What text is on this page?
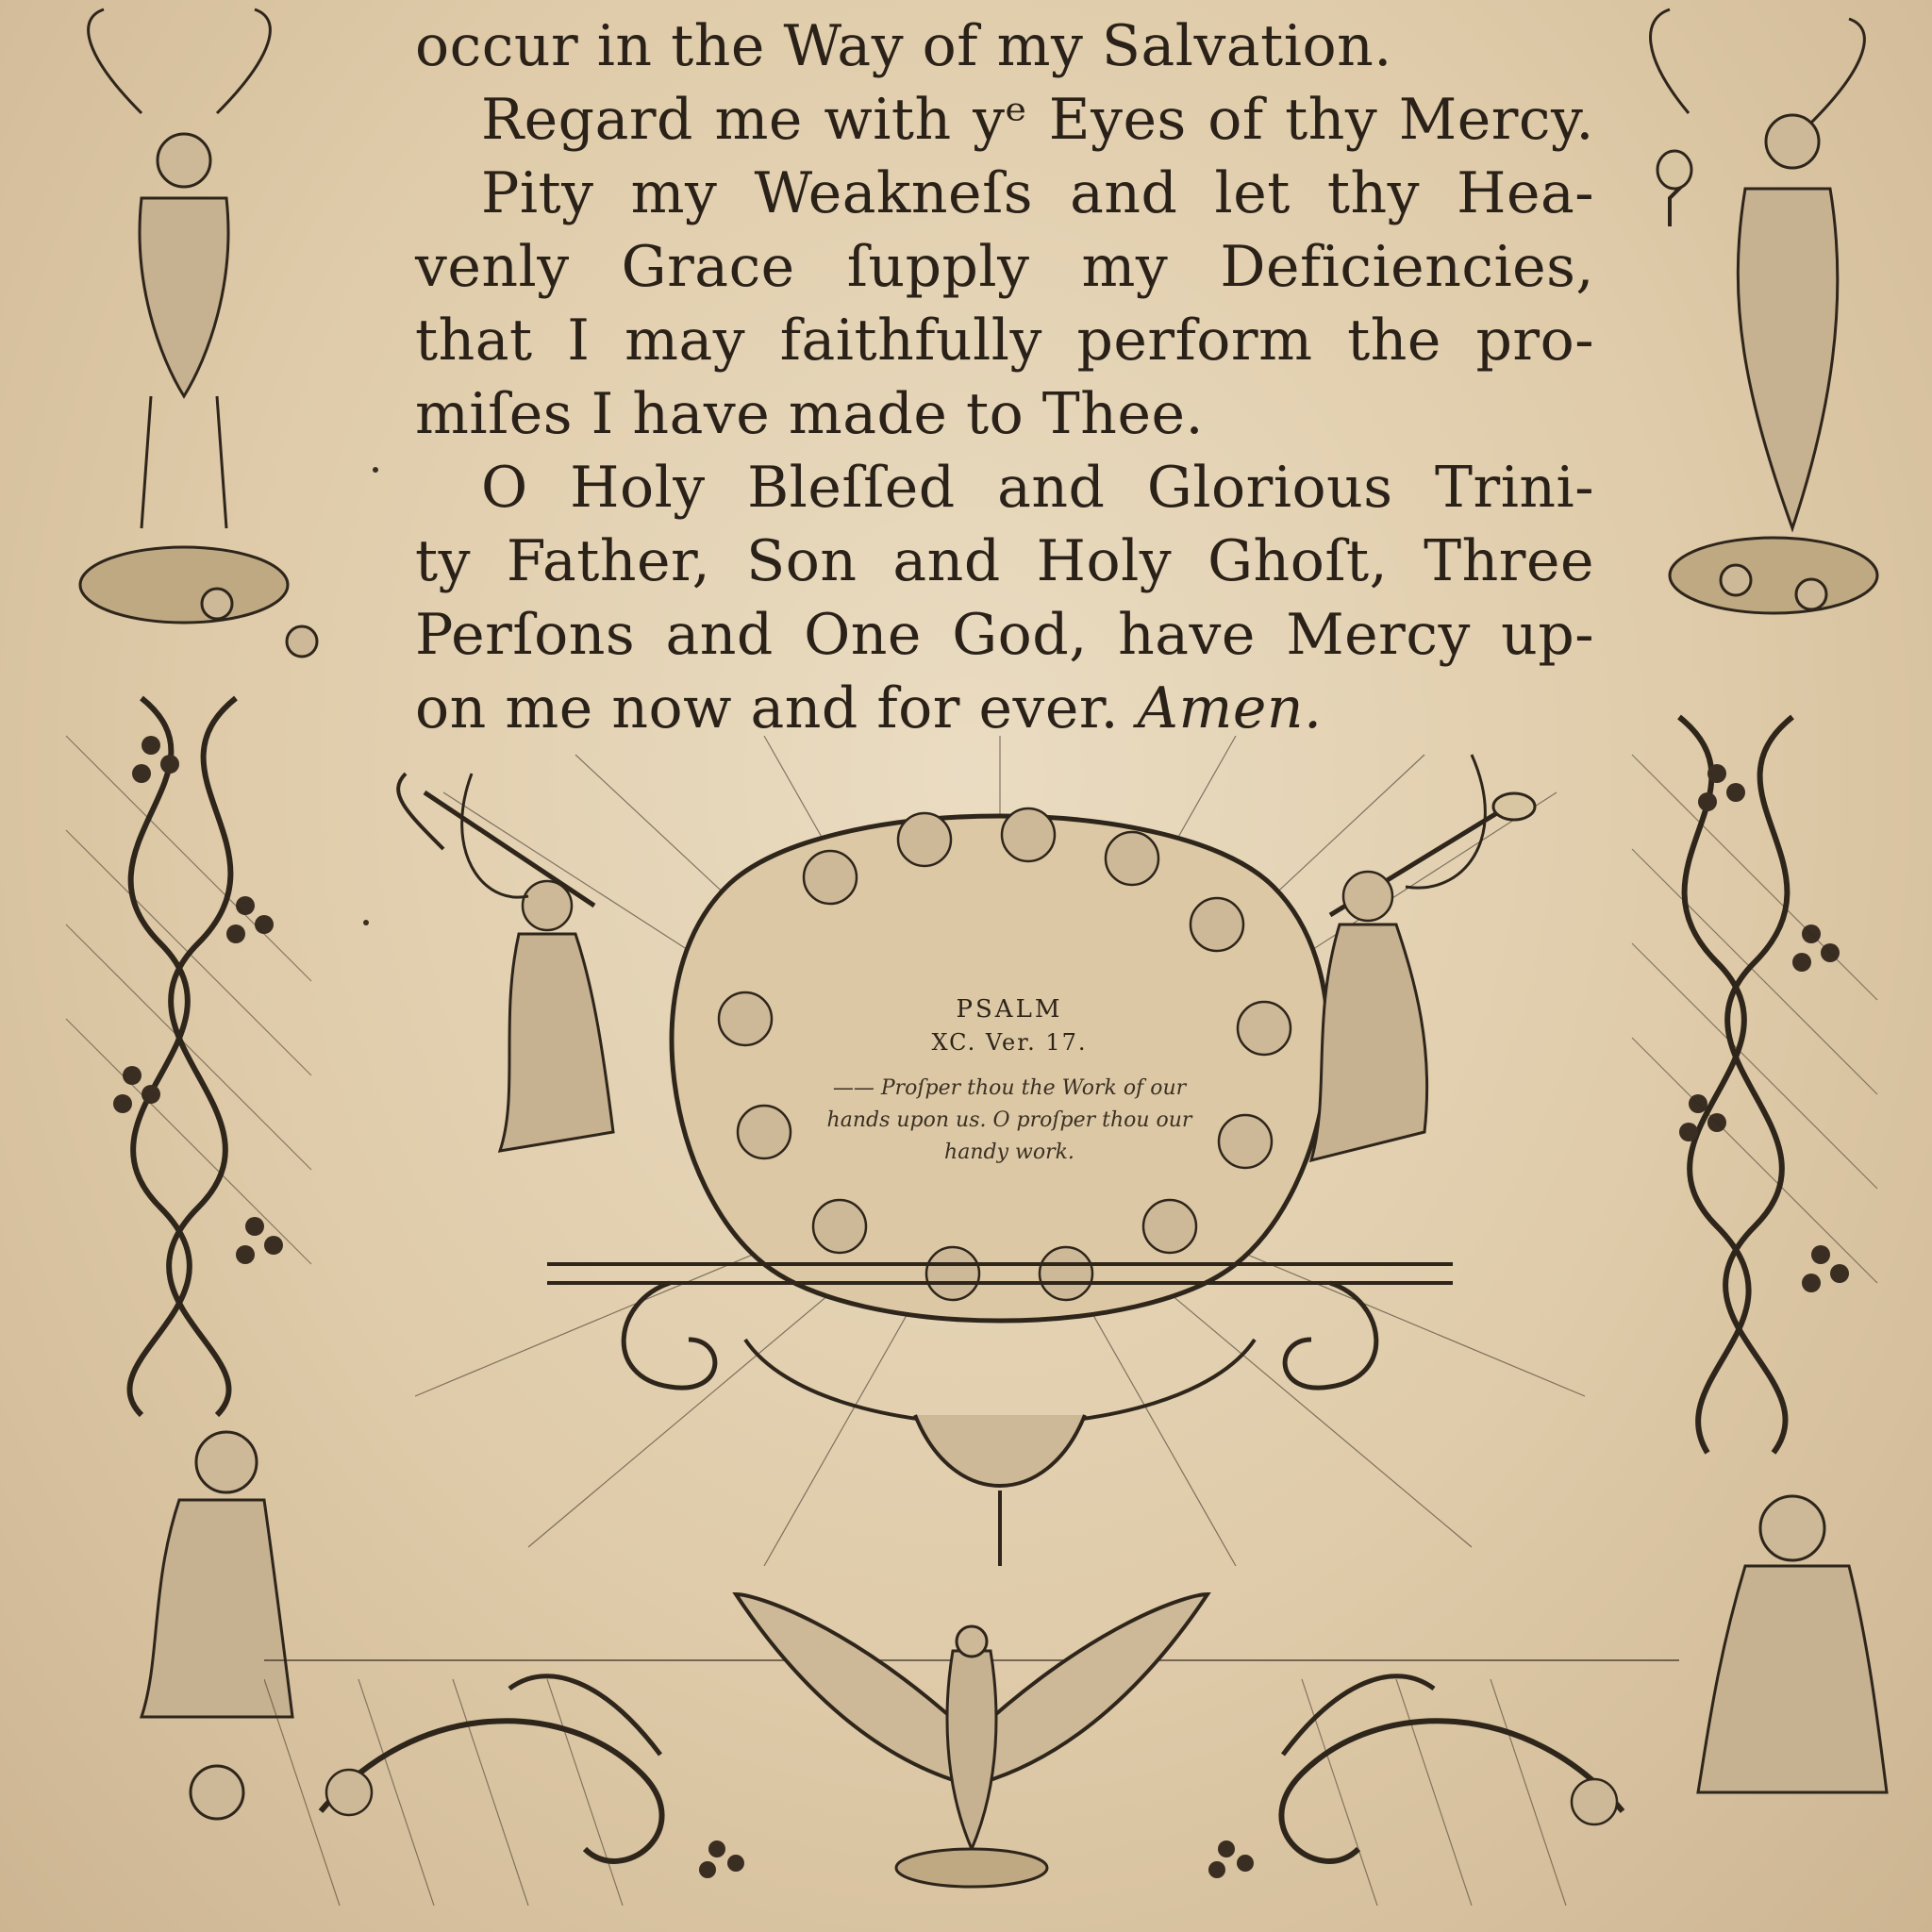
occur in the Way of my Salvation.
Regard me with yᵉ Eyes of thy Mercy.
Pity my Weakneſs and let thy Hea-
venly Grace ſupply my Deficiencies,
that I may faithfully perform the pro-
miſes I have made to Thee.
O Holy Bleſſed and Glorious Trini-
ty Father, Son and Holy Ghoſt, Three
Perſons and One God, have Mercy up-
on me now and for ever. Amen.
PSALM
XC. Ver. 17.
—— Proſper thou the Work of our hands upon us. O proſper thou our handy work.
